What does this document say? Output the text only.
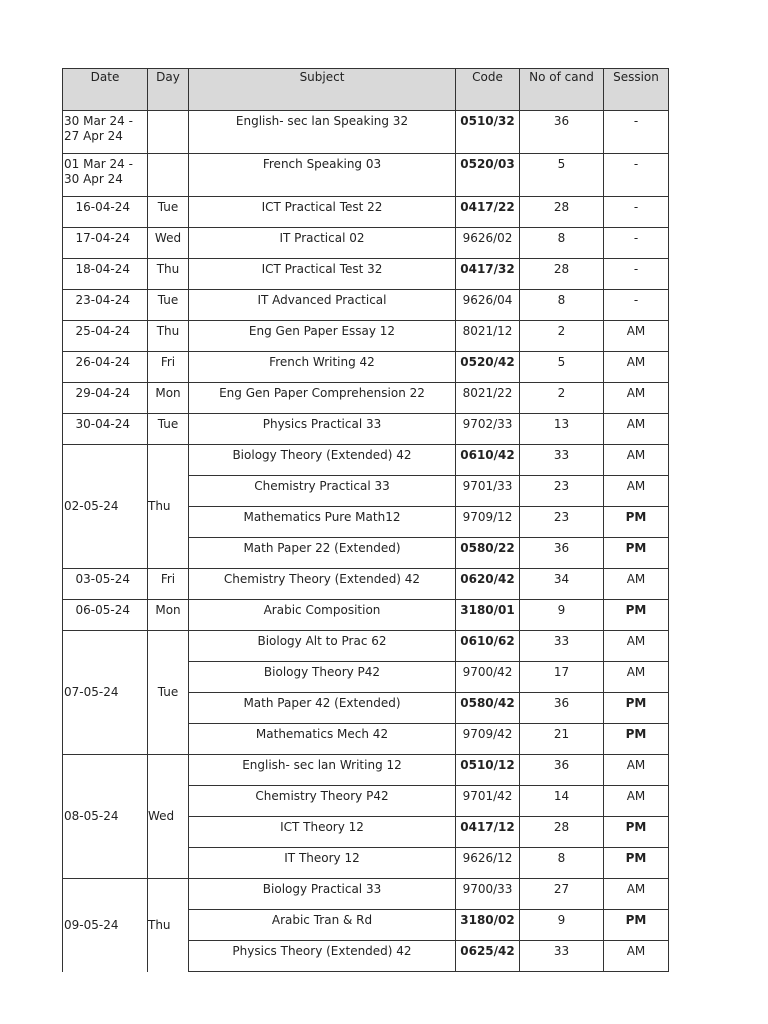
Date	Day	Subject	Code	No of cand	Session
30 Mar 24 - 27 Apr 24		English- sec lan Speaking 32	0510/32	36	-
01 Mar 24 - 30 Apr 24		French Speaking 03	0520/03	5	-
16-04-24	Tue	ICT Practical Test 22	0417/22	28	-
17-04-24	Wed	IT Practical 02	9626/02	8	-
18-04-24	Thu	ICT Practical Test 32	0417/32	28	-
23-04-24	Tue	IT Advanced Practical	9626/04	8	-
25-04-24	Thu	Eng Gen Paper Essay 12	8021/12	2	AM
26-04-24	Fri	French Writing 42	0520/42	5	AM
29-04-24	Mon	Eng Gen Paper Comprehension 22	8021/22	2	AM
30-04-24	Tue	Physics Practical 33	9702/33	13	AM
02-05-24	Thu	Biology Theory (Extended) 42	0610/42	33	AM
		Chemistry Practical 33	9701/33	23	AM
		Mathematics Pure Math12	9709/12	23	PM
		Math Paper 22 (Extended)	0580/22	36	PM
03-05-24	Fri	Chemistry Theory (Extended) 42	0620/42	34	AM
06-05-24	Mon	Arabic Composition	3180/01	9	PM
07-05-24	Tue	Biology Alt to Prac 62	0610/62	33	AM
		Biology Theory P42	9700/42	17	AM
		Math Paper 42 (Extended)	0580/42	36	PM
		Mathematics Mech 42	9709/42	21	PM
08-05-24	Wed	English- sec lan Writing 12	0510/12	36	AM
		Chemistry Theory P42	9701/42	14	AM
		ICT Theory 12	0417/12	28	PM
		IT Theory 12	9626/12	8	PM
09-05-24	Thu	Biology Practical 33	9700/33	27	AM
		Arabic Tran & Rd	3180/02	9	PM
		Physics Theory (Extended) 42	0625/42	33	AM
